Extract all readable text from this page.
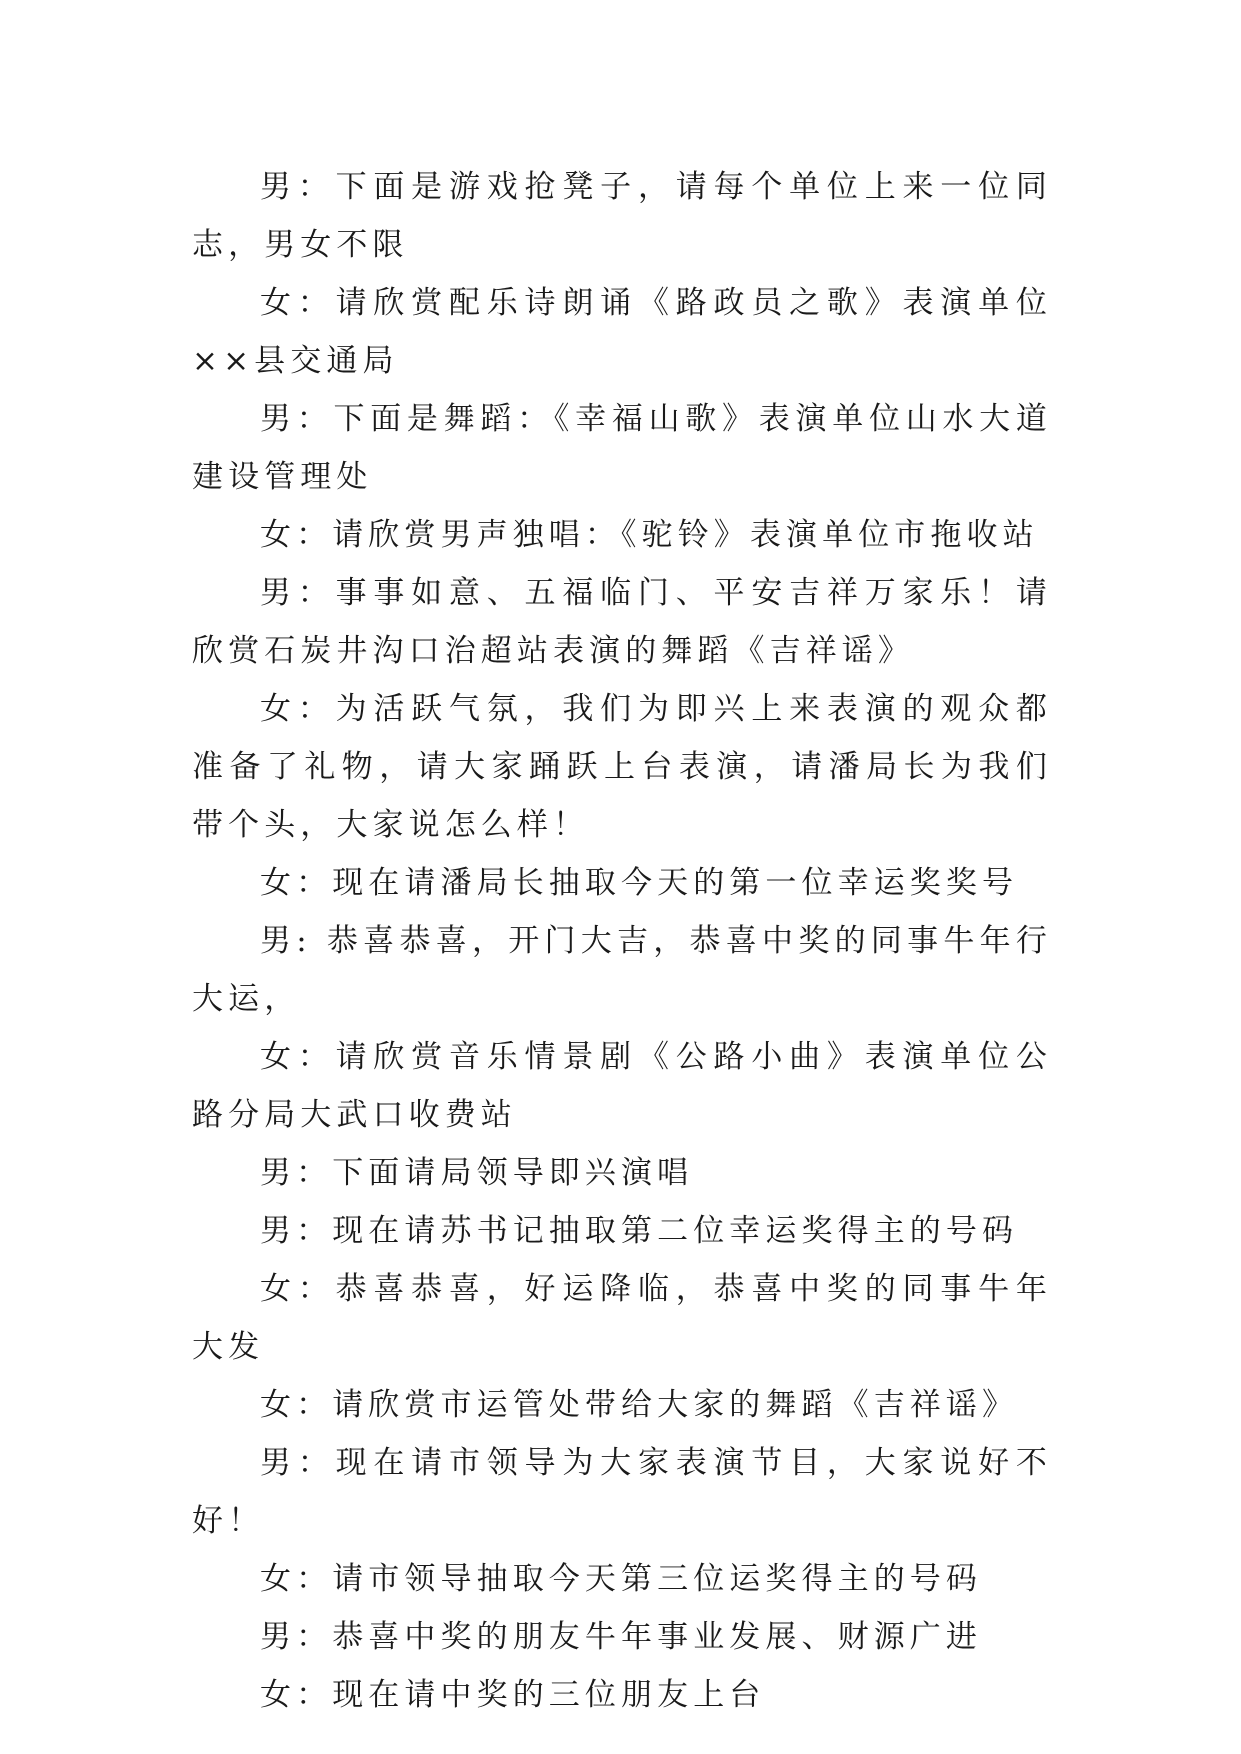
男：下面是游戏抢凳子，请每个单位上来一位同志，男女不限

女：请欣赏配乐诗朗诵《路政员之歌》表演单位××县交通局

男：下面是舞蹈：《幸福山歌》表演单位山水大道建设管理处

女：请欣赏男声独唱：《驼铃》表演单位市拖收站

男：事事如意、五福临门、平安吉祥万家乐！请欣赏石炭井沟口治超站表演的舞蹈《吉祥谣》

女：为活跃气氛，我们为即兴上来表演的观众都准备了礼物，请大家踊跃上台表演，请潘局长为我们带个头，大家说怎么样！

女：现在请潘局长抽取今天的第一位幸运奖奖号

男: 恭喜恭喜，开门大吉，恭喜中奖的同事牛年行大运，

女：请欣赏音乐情景剧《公路小曲》表演单位公路分局大武口收费站

男：下面请局领导即兴演唱

男：现在请苏书记抽取第二位幸运奖得主的号码

女：恭喜恭喜，好运降临，恭喜中奖的同事牛年大发

女：请欣赏市运管处带给大家的舞蹈《吉祥谣》

男：现在请市领导为大家表演节目，大家说好不好！

女：请市领导抽取今天第三位运奖得主的号码

男：恭喜中奖的朋友牛年事业发展、财源广进

女：现在请中奖的三位朋友上台
